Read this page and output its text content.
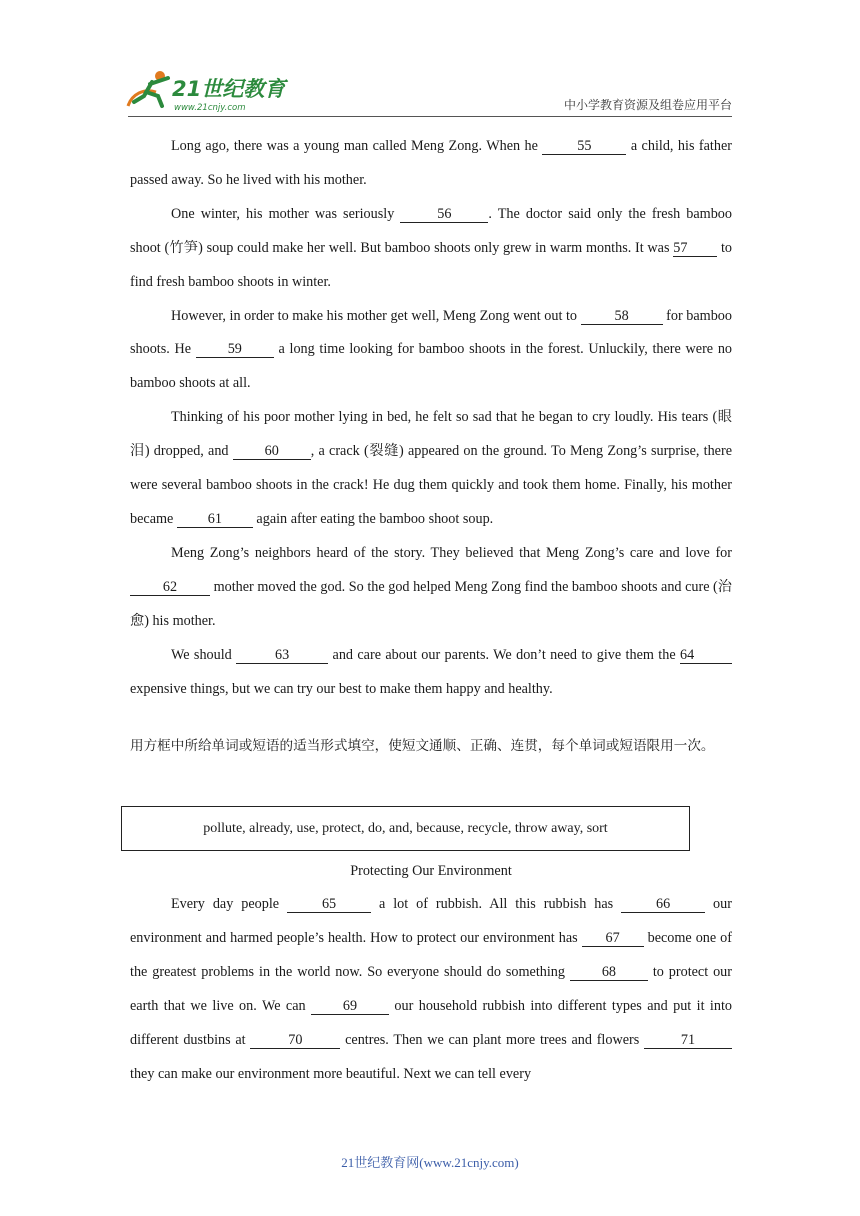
21世纪教育
www.21cnjy.com	中小学教育资源及组卷应用平台

Long ago, there was a young man called Meng Zong. When he 55 a child, his father passed away. So he lived with his mother.

One winter, his mother was seriously	56	. The doctor said only the fresh bamboo shoot (竹笋) soup could make her well. But bamboo shoots only grew in warm months. It was 57 to find fresh bamboo shoots in winter.

However, in order to make his mother get well, Meng Zong went out to 58 for bamboo shoots. He 59 a long time looking for bamboo shoots in the forest. Unluckily, there were no bamboo shoots at all.

Thinking of his poor mother lying in bed, he felt so sad that he began to cry loudly. His tears (眼泪) dropped, and 60 , a crack (裂缝) appeared on the ground. To Meng Zong’s surprise, there were several bamboo shoots in the crack! He dug them quickly and took them home. Finally, his mother became 61 again after eating the bamboo shoot soup.

Meng Zong’s neighbors heard of the story. They believed that Meng Zong’s care and love for 62 mother moved the god. So the god helped Meng Zong find the bamboo shoots and cure (治愈) his mother.

We should	63	and care about our parents. We don’t need to give them the 64 expensive things, but we can try our best to make them happy and healthy.

用方框中所给单词或短语的适当形式填空，使短文通顺、正确、连贯，每个单词或短语限用一次。
pollute, already, use, protect, do, and, because, recycle, throw away, sort
Protecting Our Environment

Every day people 65 a lot of rubbish. All this rubbish has 66 our environment and harmed people’s health. How to protect our environment has 67 become one of the greatest problems in the world now. So everyone should do something 68 to protect our earth that we live on. We can 69 our household rubbish into different types and put it into different dustbins at	70	centres. Then we can plant more trees and flowers	71 they can make our environment more beautiful. Next we can tell every

21世纪教育网(www.21cnjy.com)
